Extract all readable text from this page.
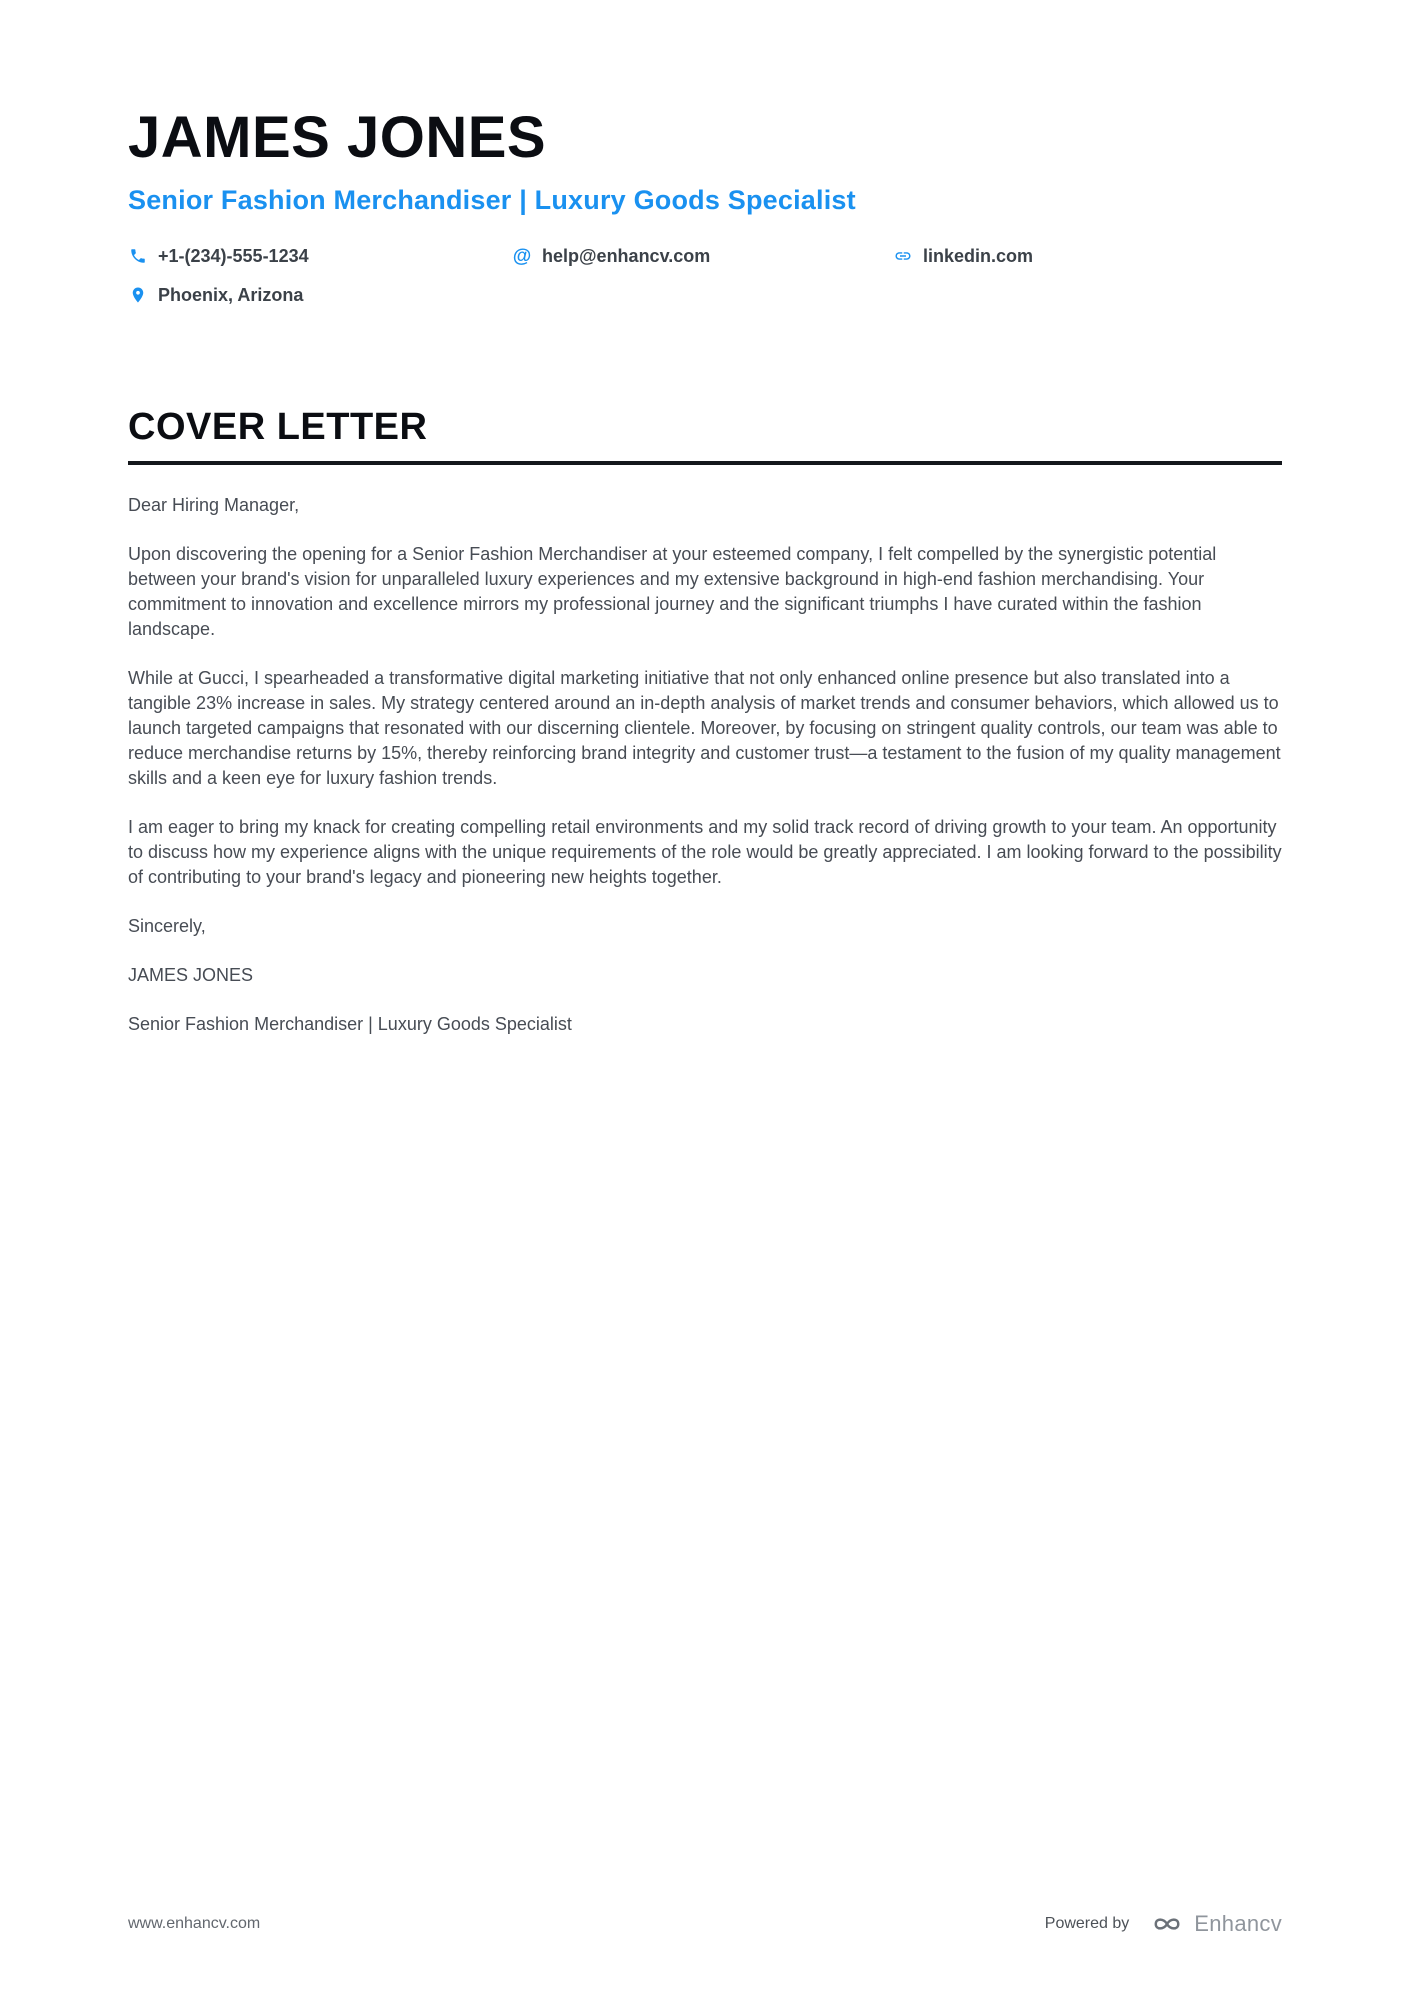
JAMES JONES
Senior Fashion Merchandiser | Luxury Goods Specialist
+1-(234)-555-1234	@ help@enhancv.com	linkedin.com
Phoenix, Arizona
COVER LETTER

Dear Hiring Manager,

Upon discovering the opening for a Senior Fashion Merchandiser at your esteemed company, I felt compelled by the synergistic potential between your brand's vision for unparalleled luxury experiences and my extensive background in high-end fashion merchandising. Your commitment to innovation and excellence mirrors my professional journey and the significant triumphs I have curated within the fashion landscape.

While at Gucci, I spearheaded a transformative digital marketing initiative that not only enhanced online presence but also translated into a tangible 23% increase in sales. My strategy centered around an in-depth analysis of market trends and consumer behaviors, which allowed us to launch targeted campaigns that resonated with our discerning clientele. Moreover, by focusing on stringent quality controls, our team was able to reduce merchandise returns by 15%, thereby reinforcing brand integrity and customer trust—a testament to the fusion of my quality management skills and a keen eye for luxury fashion trends.

I am eager to bring my knack for creating compelling retail environments and my solid track record of driving growth to your team. An opportunity to discuss how my experience aligns with the unique requirements of the role would be greatly appreciated. I am looking forward to the possibility of contributing to your brand's legacy and pioneering new heights together.

Sincerely,

JAMES JONES

Senior Fashion Merchandiser | Luxury Goods Specialist

www.enhancv.com	Powered by	Enhancv
